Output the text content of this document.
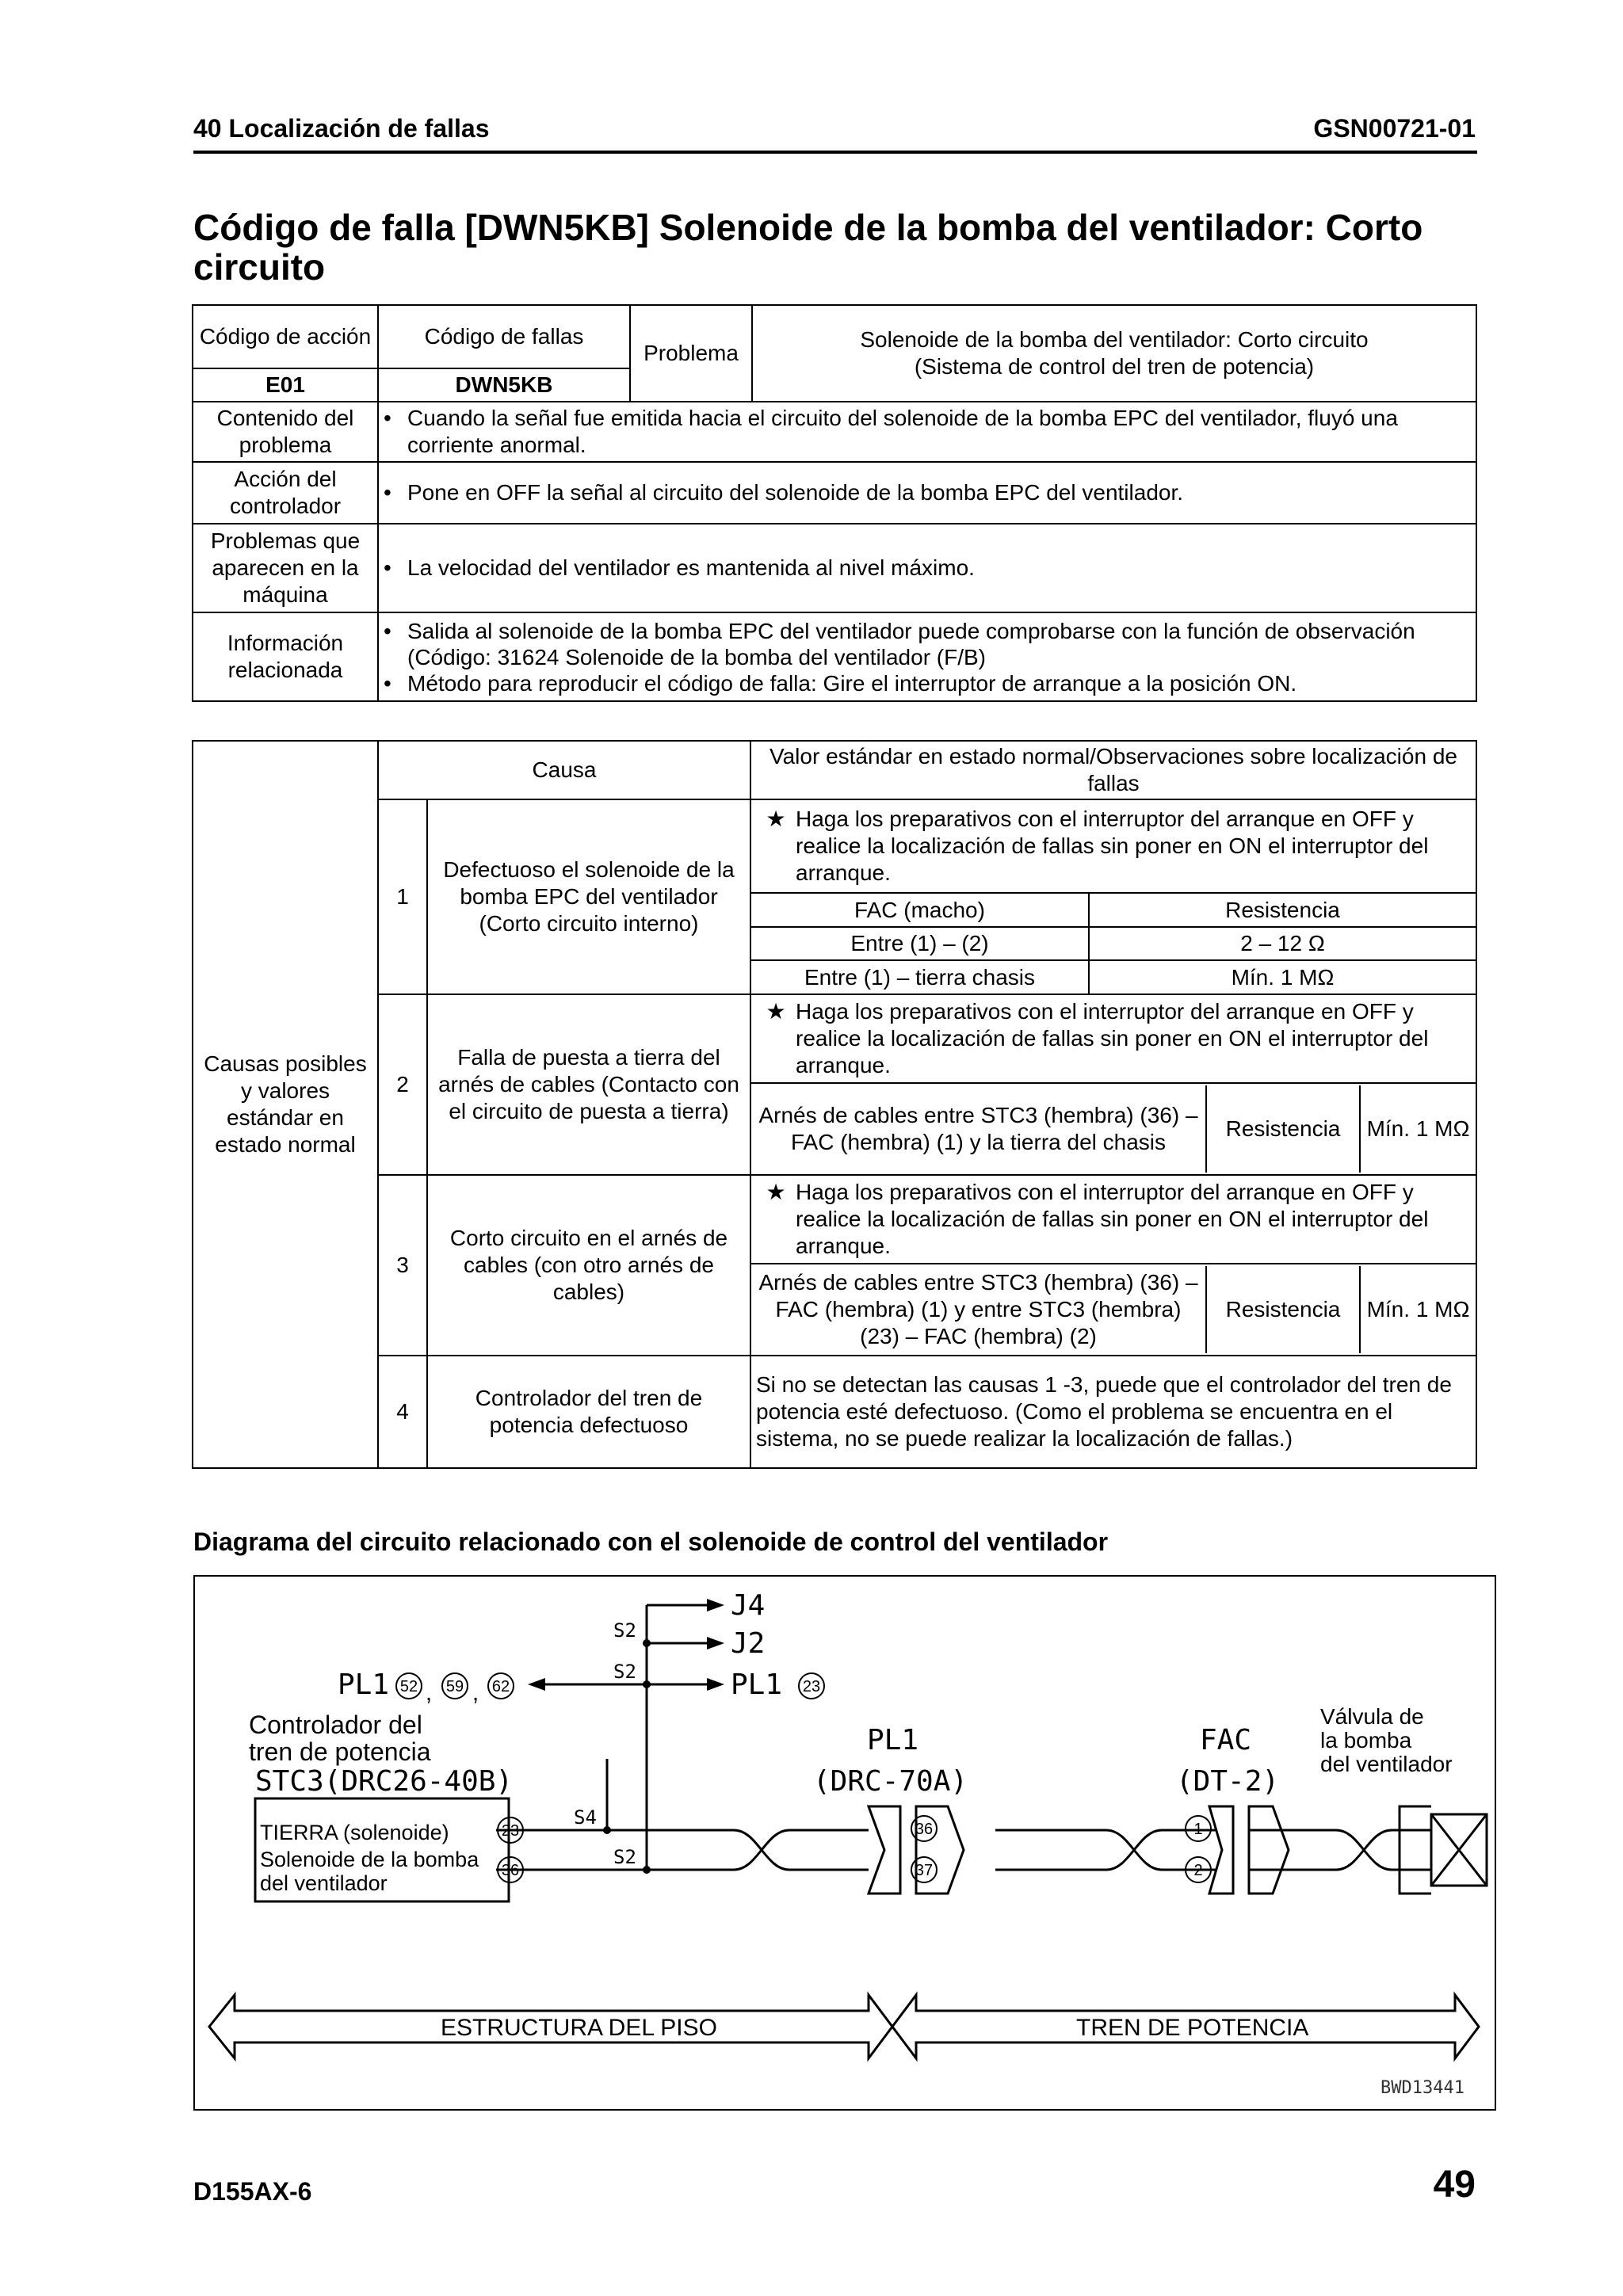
40 Localización de fallas	GSN00721-01
Código de falla [DWN5KB] Solenoide de la bomba del ventilador: Corto circuito
Código de acción	Código de fallas	Problema	Solenoide de la bomba del ventilador: Corto circuito
(Sistema de control del tren de potencia)

E01	DWN5KB		
Contenido del problema	• Cuando la señal fue emitida hacia el circuito del solenoide de la bomba EPC del ventilador, fluyó una corriente anormal.		

Acción del controlador	• Pone en OFF la señal al circuito del solenoide de la bomba EPC del ventilador.		

Problemas que aparecen en la máquina	• La velocidad del ventilador es mantenida al nivel máximo.		

Información relacionada	• Salida al solenoide de la bomba EPC del ventilador puede comprobarse con la función de observación (Código: 31624 Solenoide de la bomba del ventilador (F/B)
• Método para reproducir el código de falla: Gire el interruptor de arranque a la posición ON.		
Causas posibles y valores estándar en estado normal	Causa	Valor estándar en estado normal/Observaciones sobre localización de fallas
1	Defectuoso el solenoide de la bomba EPC del ventilador (Corto circuito interno)	
★ Haga los preparativos con el interruptor del arranque en OFF y realice la localización de fallas sin poner en ON el interruptor del arranque.

FAC (macho)	Resistencia
Entre (1) – (2)	2 – 12 Ω
Entre (1) – tierra chasis	Mín. 1 MΩ

2	Falla de puesta a tierra del arnés de cables (Contacto con el circuito de puesta a tierra)	
★ Haga los preparativos con el interruptor del arranque en OFF y realice la localización de fallas sin poner en ON el interruptor del arranque.

Arnés de cables entre STC3 (hembra) (36) – FAC (hembra) (1) y la tierra del chasis	Resistencia	Mín. 1 MΩ

3	Corto circuito en el arnés de cables (con otro arnés de cables)	
★ Haga los preparativos con el interruptor del arranque en OFF y realice la localización de fallas sin poner en ON el interruptor del arranque.

Arnés de cables entre STC3 (hembra) (36) – FAC (hembra) (1) y entre STC3 (hembra) (23) – FAC (hembra) (2)	Resistencia	Mín. 1 MΩ

4	Controlador del tren de potencia defectuoso	Si no se detectan las causas 1 -3, puede que el controlador del tren de potencia esté defectuoso. (Como el problema se encuentra en el sistema, no se puede realizar la localización de fallas.)
Diagrama del circuito relacionado con el solenoide de control del ventilador
J4
J2
PL1
PL1
S2
S2
S4
S2
52 , 59 , 62	23
23
36
36
37
1
2
Controlador del
tren de potencia
STC3(DRC26-40B)
PL1
(DRC-70A)
FAC
(DT-2)
Válvula de
la bomba
del ventilador
TIERRA (solenoide)
Solenoide de la bomba
del ventilador
ESTRUCTURA DEL PISO	TREN DE POTENCIA
BWD13441
D155AX-6	49
